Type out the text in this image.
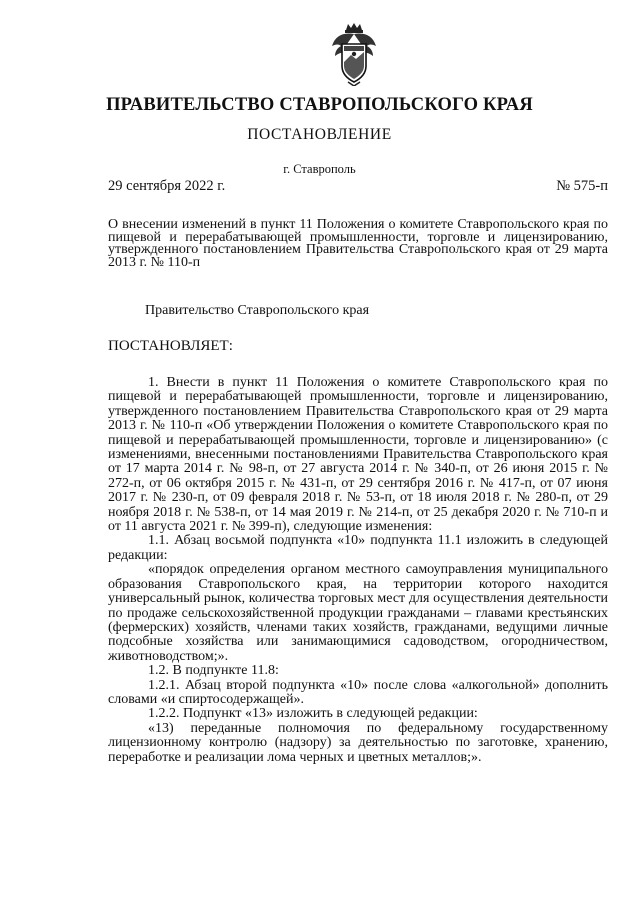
ПРАВИТЕЛЬСТВО СТАВРОПОЛЬСКОГО КРАЯ
ПОСТАНОВЛЕНИЕ
г. Ставрополь
29 сентября 2022 г.	№ 575-п
О внесении изменений в пункт 11 Положения о комитете Ставропольского края по пищевой и перерабатывающей промышленности, торговле и лицензированию, утвержденного постановлением Правительства Ставропольского края от 29 марта 2013 г. № 110-п
Правительство Ставропольского края
ПОСТАНОВЛЯЕТ:

1. Внести в пункт 11 Положения о комитете Ставропольского края по пищевой и перерабатывающей промышленности, торговле и лицензированию, утвержденного постановлением Правительства Ставропольского края от 29 марта 2013 г. № 110-п «Об утверждении Положения о комитете Ставропольского края по пищевой и перерабатывающей промышленности, торговле и лицензированию» (с изменениями, внесенными постановлениями Правительства Ставропольского края от 17 марта 2014 г. № 98-п, от 27 августа 2014 г. № 340-п, от 26 июня 2015 г. № 272-п, от 06 октября 2015 г. № 431-п, от 29 сентября 2016 г. № 417-п, от 07 июня 2017 г. № 230-п, от 09 февраля 2018 г. № 53-п, от 18 июля 2018 г. № 280-п, от 29 ноября 2018 г. № 538-п, от 14 мая 2019 г. № 214-п, от 25 декабря 2020 г. № 710-п и от 11 августа 2021 г. № 399-п), следующие изменения:

1.1. Абзац восьмой подпункта «10» подпункта 11.1 изложить в следующей редакции:

«порядок определения органом местного самоуправления муниципального образования Ставропольского края, на территории которого находится универсальный рынок, количества торговых мест для осуществления деятельности по продаже сельскохозяйственной продукции гражданами – главами крестьянских (фермерских) хозяйств, членами таких хозяйств, гражданами, ведущими личные подсобные хозяйства или занимающимися садоводством, огородничеством, животноводством;».

1.2. В подпункте 11.8:

1.2.1. Абзац второй подпункта «10» после слова «алкогольной» дополнить словами «и спиртосодержащей».

1.2.2. Подпункт «13» изложить в следующей редакции:

«13) переданные полномочия по федеральному государственному лицензионному контролю (надзору) за деятельностью по заготовке, хранению, переработке и реализации лома черных и цветных металлов;».
